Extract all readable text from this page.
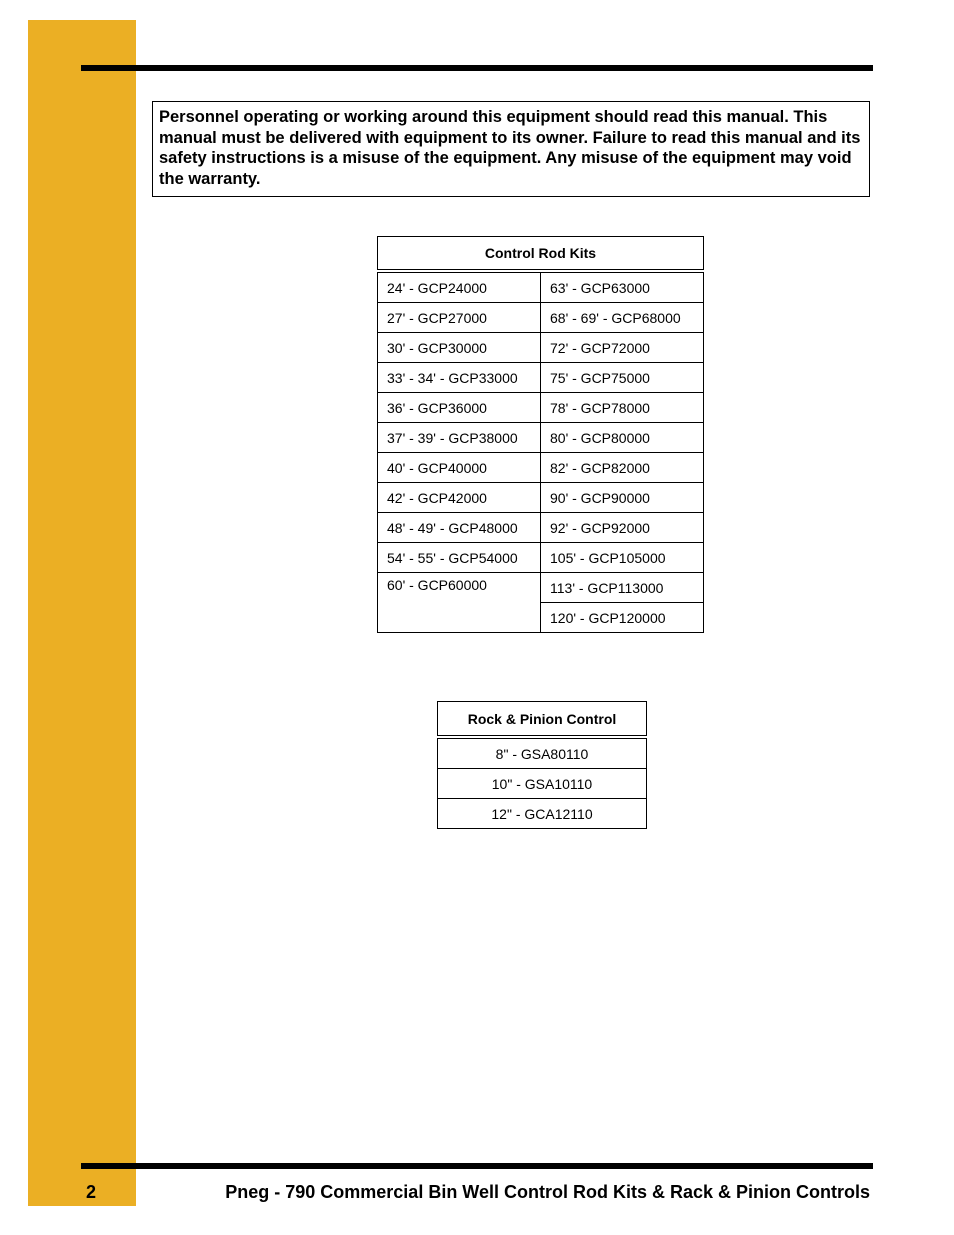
Personnel operating or working around this equipment should read this manual. This manual must be delivered with equipment to its owner. Failure to read this manual and its safety instructions is a misuse of the equipment. Any misuse of the equipment may void the warranty.
Control Rod Kits	
24' - GCP24000	63' - GCP63000
27' - GCP27000	68' - 69' - GCP68000
30' - GCP30000	72' - GCP72000
33' - 34' - GCP33000	75' - GCP75000
36' - GCP36000	78' - GCP78000
37' - 39' - GCP38000	80' - GCP80000
40' - GCP40000	82' - GCP82000
42' - GCP42000	90' - GCP90000
48' - 49' - GCP48000	92' - GCP92000
54' - 55' - GCP54000	105' - GCP105000
60' - GCP60000	113' - GCP113000
	120' - GCP120000
Rock & Pinion Control
8" - GSA80110
10" - GSA10110
12" - GCA12110
2	Pneg - 790 Commercial Bin Well Control Rod Kits & Rack & Pinion Controls
